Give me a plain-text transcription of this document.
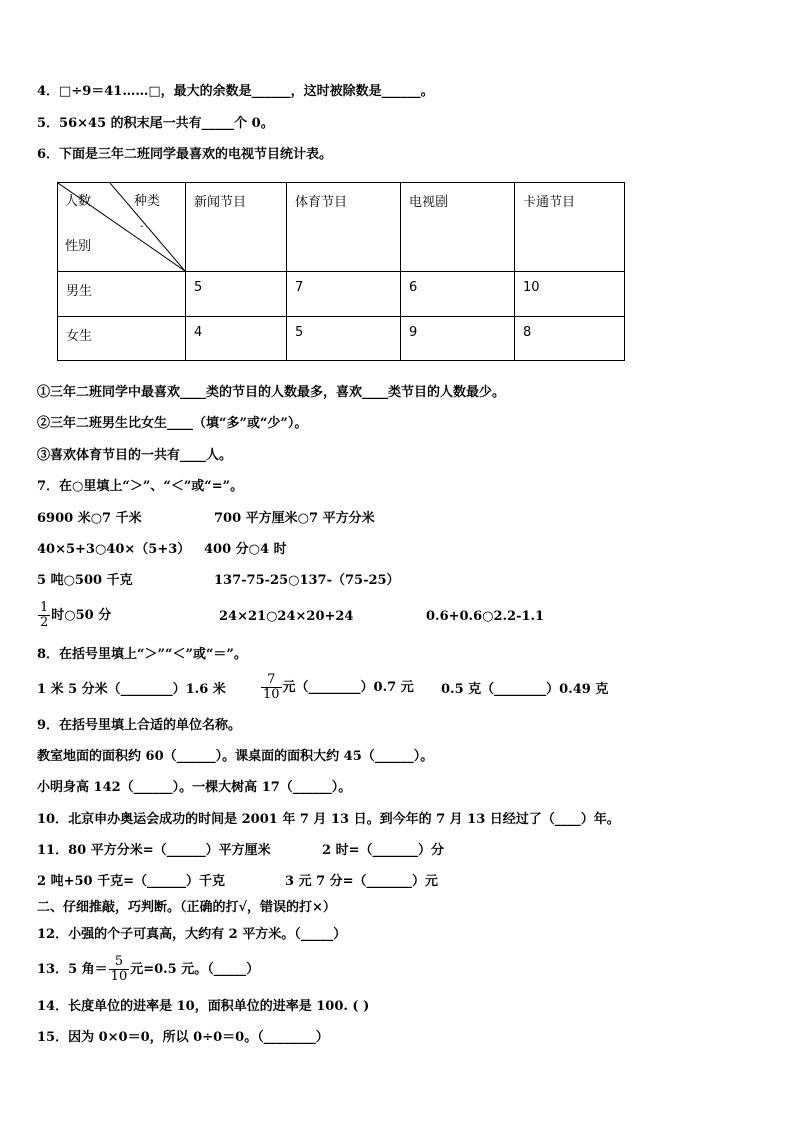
4．□÷9＝41……□，最大的余数是______，这时被除数是______。
5．56×45 的积末尾一共有_____个 0。
6．下面是三年二班同学最喜欢的电视节目统计表。
人数 种类
-
性别	新闻节目	体育节目	电视剧	卡通节目
男生	5	7	6	10
女生	4	5	9	8
①三年二班同学中最喜欢____类的节目的人数最多，喜欢____类节目的人数最少。
②三年二班男生比女生____（填“多”或“少”）。
③喜欢体育节目的一共有____人。
7．在○里填上“＞”、“＜”或“=”。
6900 米○7 千米	700 平方厘米○7 平方分米
40×5+3○40×（5+3） 400 分○4 时
5 吨○500 千克	137-75-25○137-（75-25）
$\frac{1}{2}$ 时○50 分	24×21○24×20+24	0.6+0.6○2.2-1.1
8．在括号里填上“＞”“＜”或“＝”。
1 米 5 分米（________）1.6 米	$\frac{7}{10}$ 元（________）0.7 元 0.5 克（________）0.49 克
9．在括号里填上合适的单位名称。
教室地面的面积约 60（______）。课桌面的面积大约 45（______）。
小明身高 142（______）。一棵大树高 17（______）。
10．北京申办奥运会成功的时间是 2001 年 7 月 13 日。到今年的 7 月 13 日经过了（____）年。
11．80 平方分米=（______）平方厘米	2 时=（_______）分
2 吨+50 千克=（______）千克	3 元 7 分=（_______）元
二、仔细推敲，巧判断。（正确的打√，错误的打×）
12．小强的个子可真高，大约有 2 平方米。（_____）
13．5 角＝ $\frac{5}{10}$ 元=0.5 元。（_____）
14．长度单位的进率是 10，面积单位的进率是 100. ( )
15．因为 0×0＝0，所以 0÷0＝0。（________）
